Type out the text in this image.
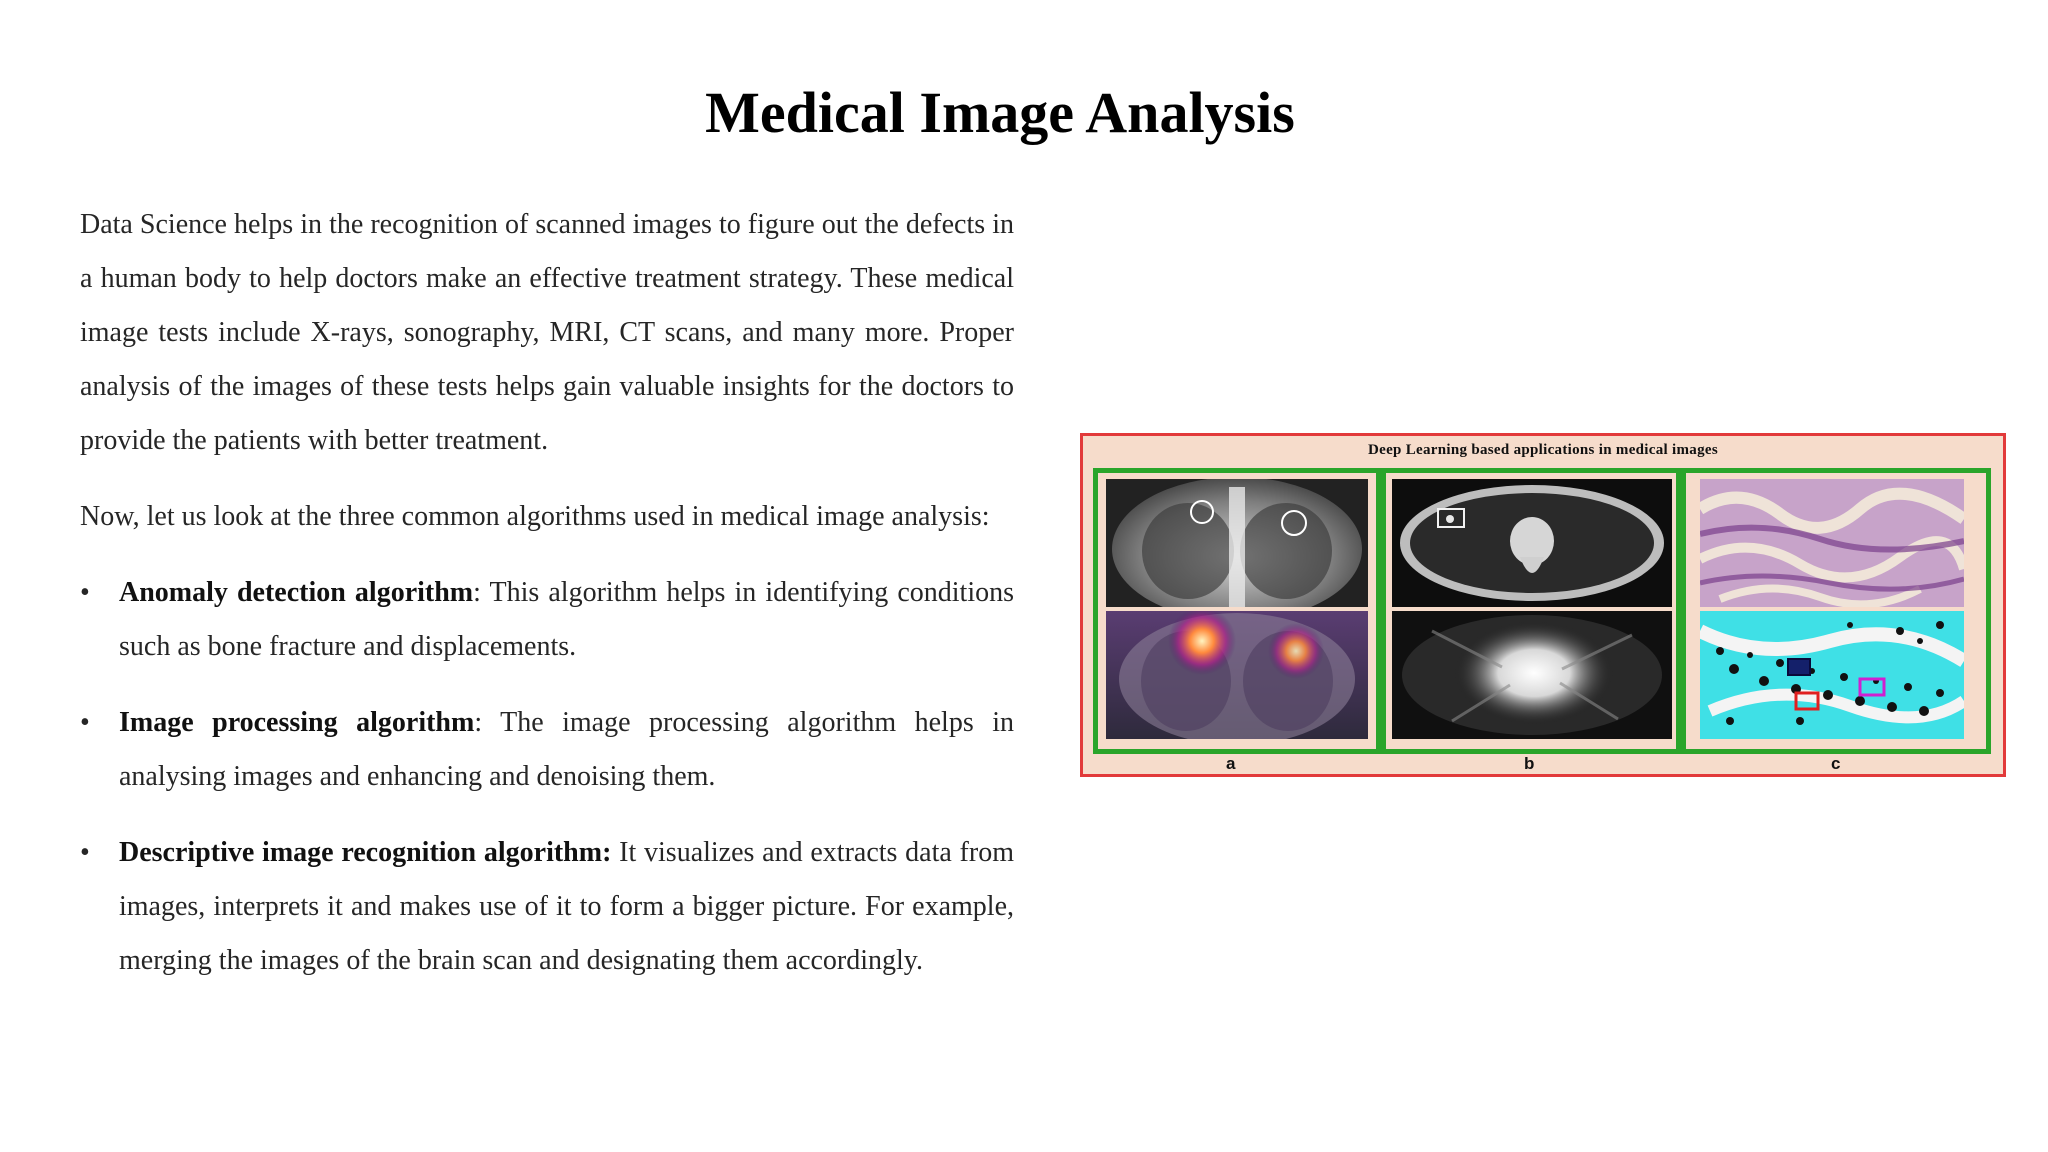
Medical Image Analysis

Data Science helps in the recognition of scanned images to figure out the defects in a human body to help doctors make an effective treatment strategy. These medical image tests include X-rays, sonography, MRI, CT scans, and many more. Proper analysis of the images of these tests helps gain valuable insights for the doctors to provide the patients with better treatment.

Now, let us look at the three common algorithms used in medical image analysis:

• Anomaly detection algorithm: This algorithm helps in identifying conditions such as bone fracture and displacements.
• Image processing algorithm: The image processing algorithm helps in analysing images and enhancing and denoising them.
• Descriptive image recognition algorithm: It visualizes and extracts data from images, interprets it and makes use of it to form a bigger picture. For example, merging the images of the brain scan and designating them accordingly.
Deep Learning based applications in medical images
a	b	c
